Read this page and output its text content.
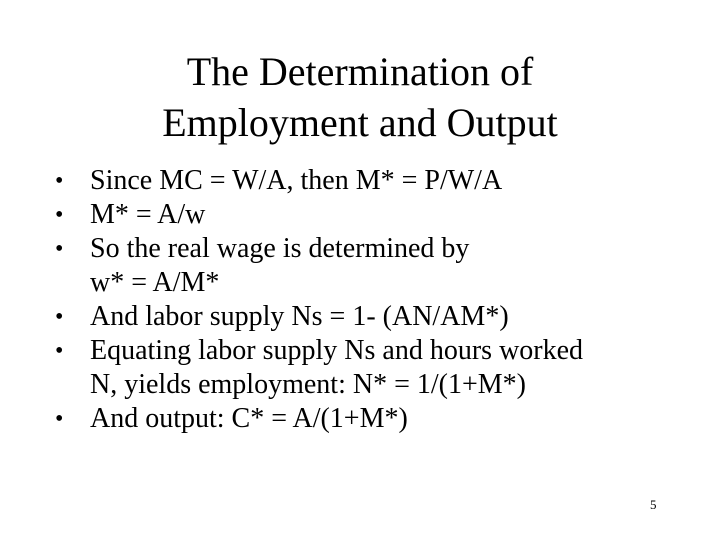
The Determination of
Employment and Output
• Since MC = W/A, then M* = P/W/A
• M* = A/w
• So the real wage is determined by
w* = A/M*
• And labor supply Ns = 1- (AN/AM*)
• Equating labor supply Ns and hours worked
N, yields employment: N* = 1/(1+M*)
• And output: C* = A/(1+M*)
5
